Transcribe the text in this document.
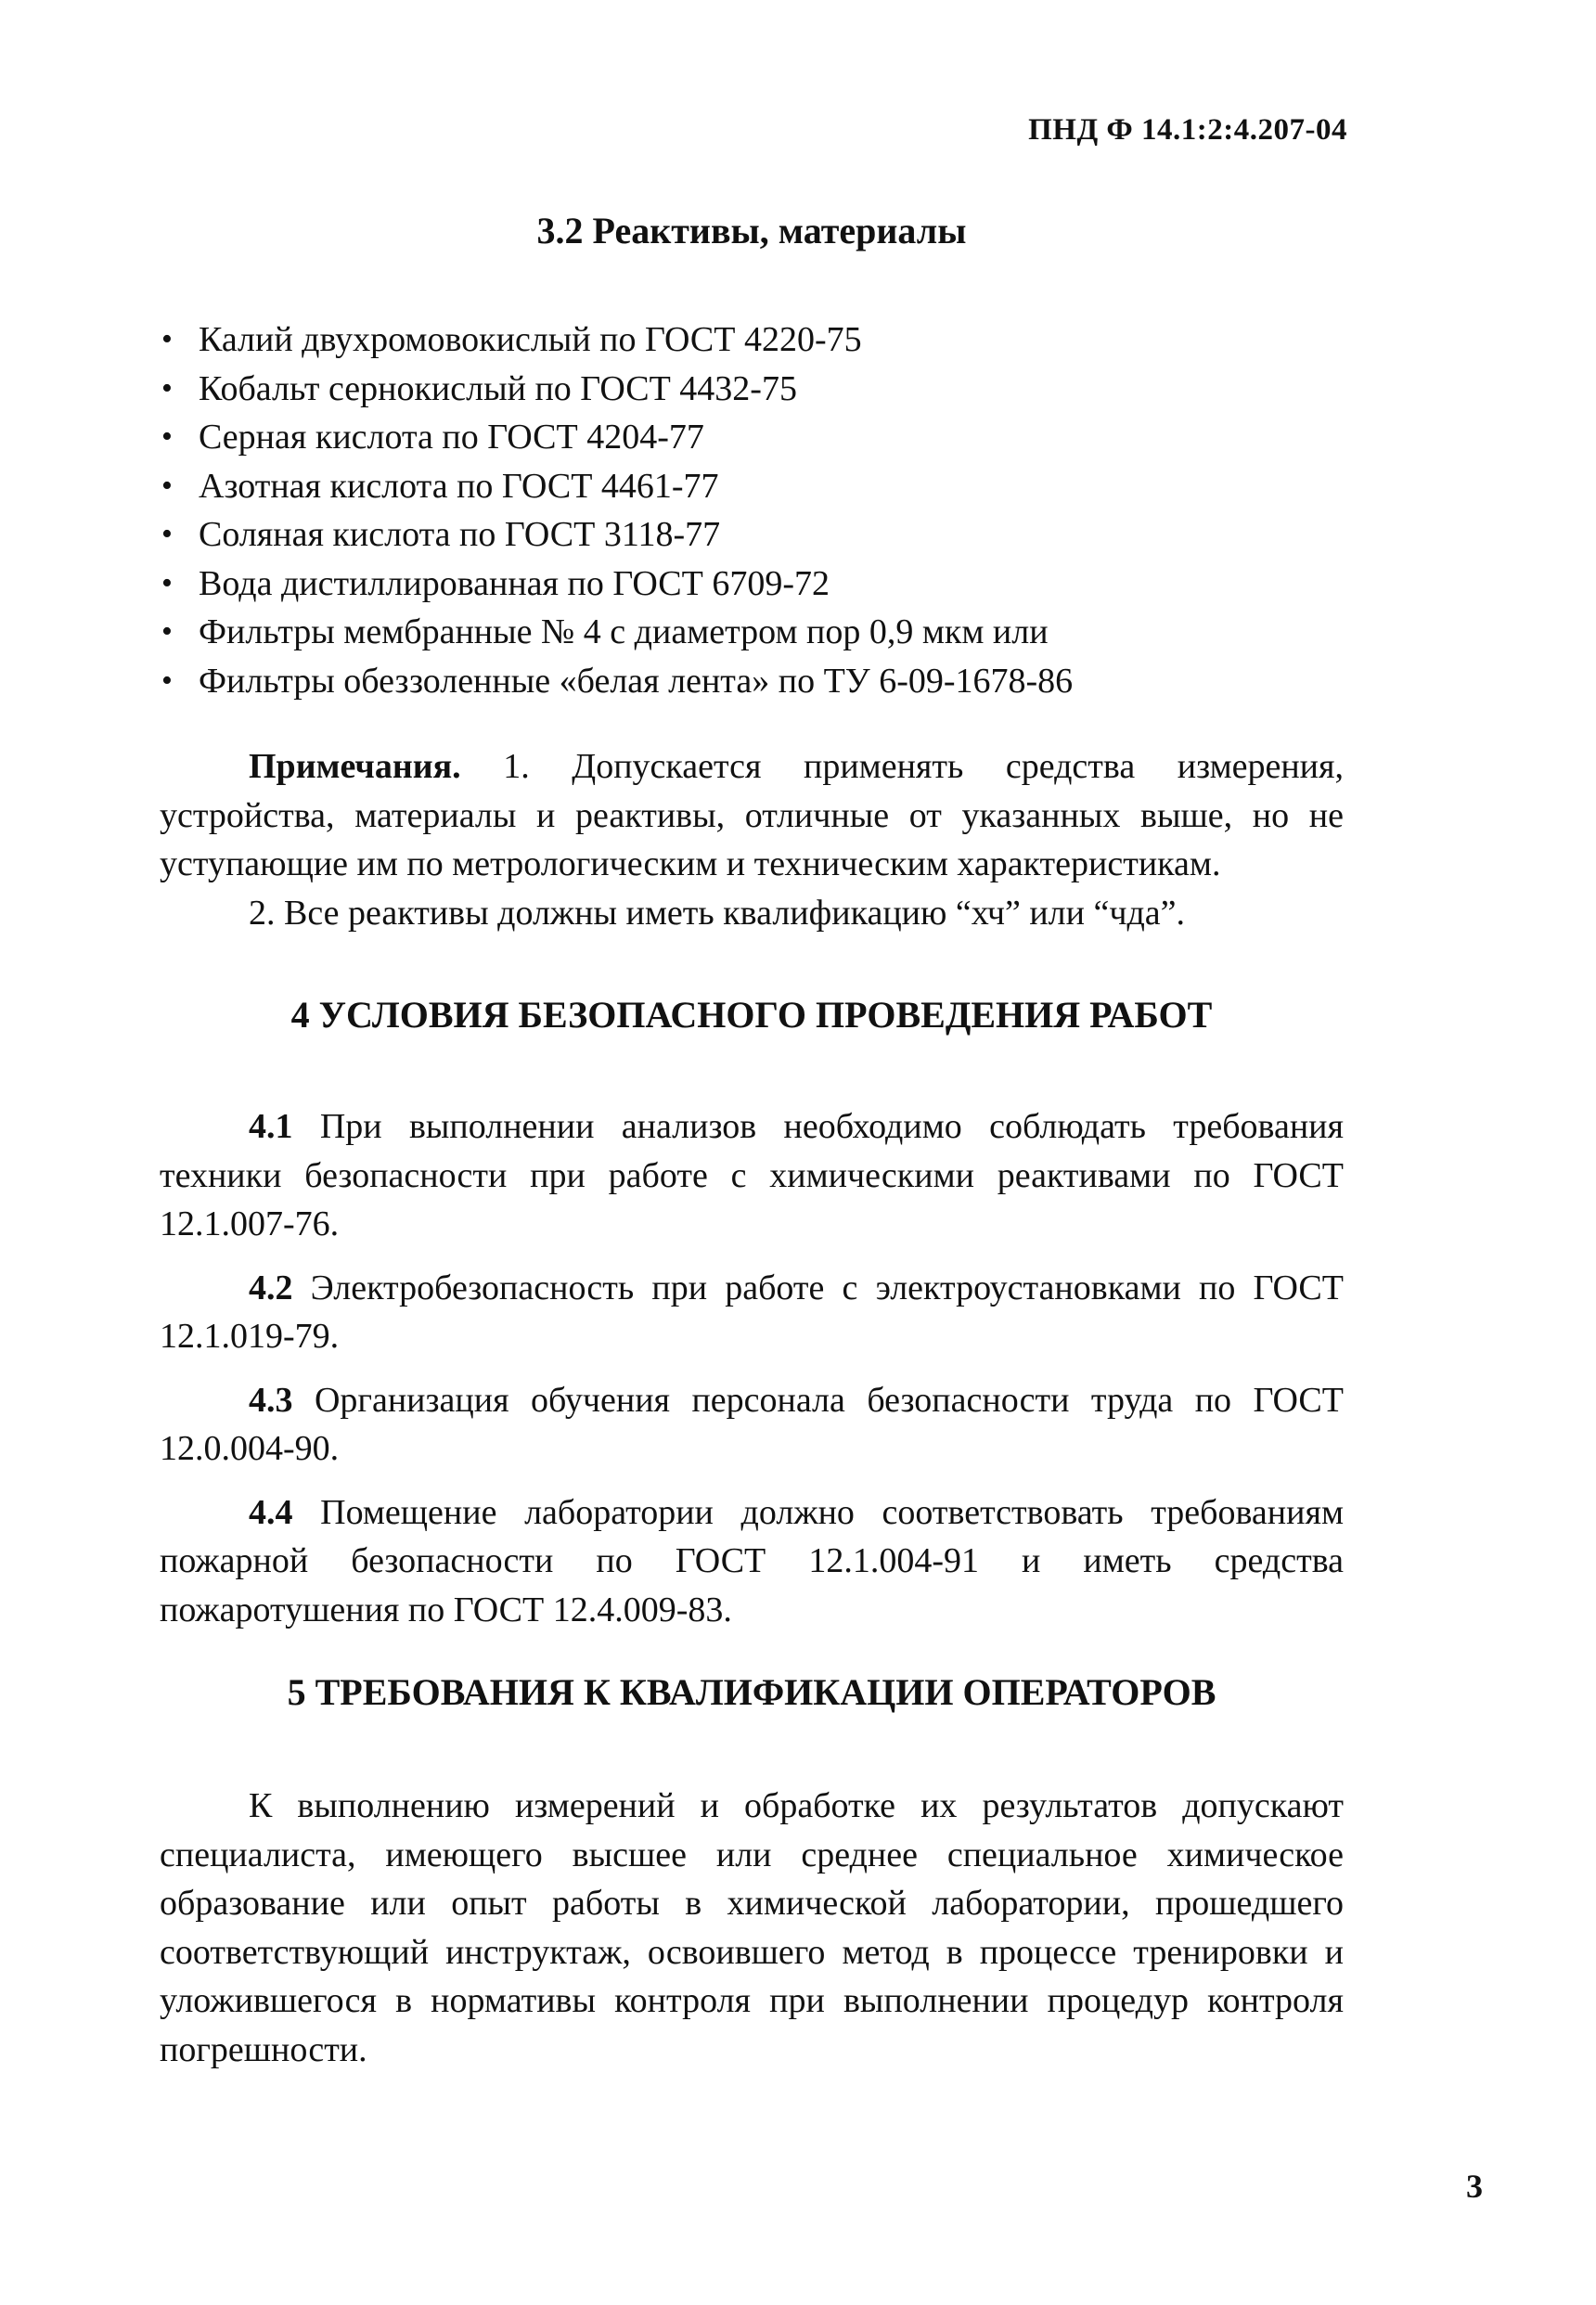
ПНД Ф 14.1:2:4.207-04
3.2 Реактивы, материалы
• Калий двухромовокислый по ГОСТ 4220-75
• Кобальт сернокислый по ГОСТ 4432-75
• Серная кислота по ГОСТ 4204-77
• Азотная кислота по ГОСТ 4461-77
• Соляная кислота по ГОСТ 3118-77
• Вода дистиллированная по ГОСТ 6709-72
• Фильтры мембранные № 4 с диаметром пор 0,9 мкм или
• Фильтры обеззоленные «белая лента» по ТУ 6-09-1678-86

Примечания. 1. Допускается применять средства измерения, устройства, материалы и реактивы, отличные от указанных выше, но не уступающие им по метрологическим и техническим характеристикам.

2. Все реактивы должны иметь квалификацию “хч” или “чда”.

4 УСЛОВИЯ БЕЗОПАСНОГО ПРОВЕДЕНИЯ РАБОТ

4.1 При выполнении анализов необходимо соблюдать требования техники безопасности при работе с химическими реактивами по ГОСТ 12.1.007-76.

4.2 Электробезопасность при работе с электроустановками по ГОСТ 12.1.019-79.

4.3 Организация обучения персонала безопасности труда по ГОСТ 12.0.004-90.

4.4 Помещение лаборатории должно соответствовать требованиям пожарной безопасности по ГОСТ 12.1.004-91 и иметь средства пожаротушения по ГОСТ 12.4.009-83.

5 ТРЕБОВАНИЯ К КВАЛИФИКАЦИИ ОПЕРАТОРОВ

К выполнению измерений и обработке их результатов допускают специалиста, имеющего высшее или среднее специальное химическое образование или опыт работы в химической лаборатории, прошедшего соответствующий инструктаж, освоившего метод в процессе тренировки и уложившегося в нормативы контроля при выполнении процедур контроля погрешности.

3
